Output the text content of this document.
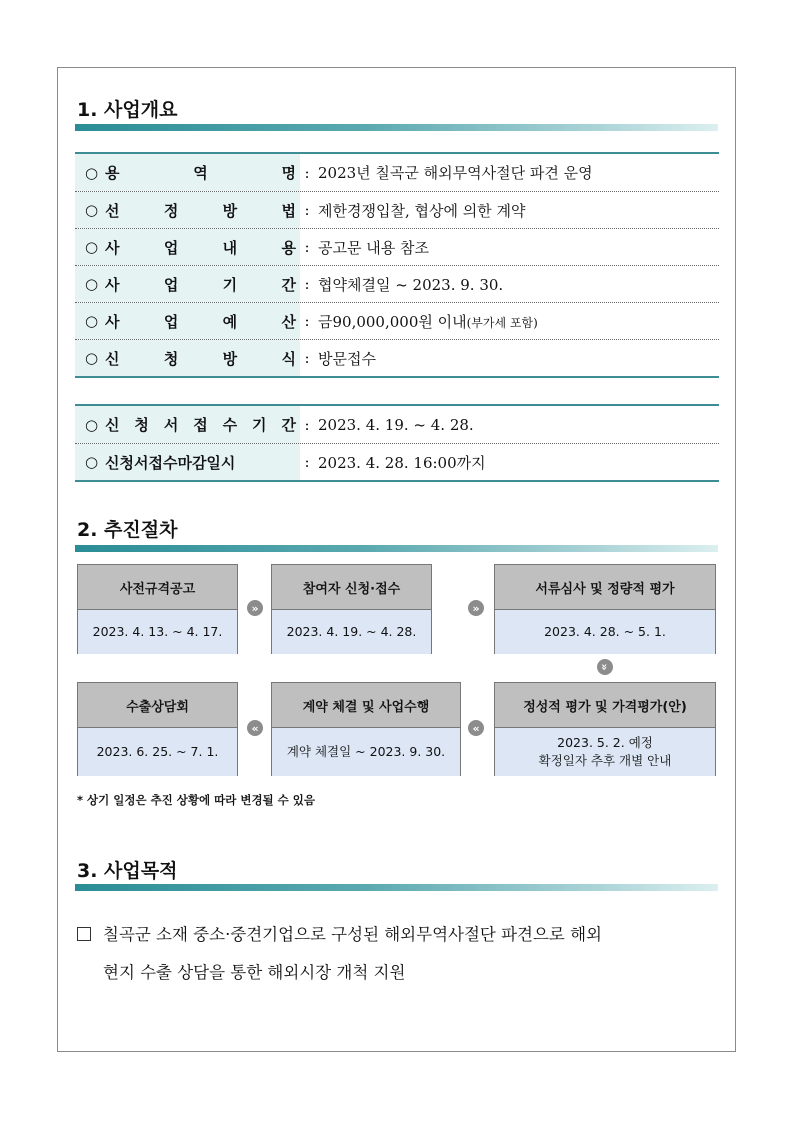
1. 사업개요
○ 용	역	명 : 2023년 칠곡군 해외무역사절단 파견 운영
○ 선	정	방	법 : 제한경쟁입찰, 협상에 의한 계약
○ 사	업	내	용 : 공고문 내용 참조
○ 사	업	기	간 : 협약체결일 ~ 2023. 9. 30.
○ 사	업	예	산 : 금90,000,000원 이내(부가세 포함)
○ 신	청	방	식 : 방문접수
○ 신 청 서 접 수 기 간 : 2023. 4. 19. ~ 4. 28.
○ 신청서접수마감일시	: 2023. 4. 28. 16:00까지
2. 추진절차
사전규격공고
2023. 4. 13. ~ 4. 17.
참여자 신청·접수
2023. 4. 19. ~ 4. 28.
서류심사 및 정량적 평가
2023. 4. 28. ~ 5. 1.
정성적 평가 및 가격평가(안)
2023. 5. 2. 예정
확정일자 추후 개별 안내
계약 체결 및 사업수행
계약 체결일 ~ 2023. 9. 30.
수출상담회
2023. 6. 25. ~ 7. 1.
»	»
»
«
«
* 상기 일정은 추진 상황에 따라 변경될 수 있음
3. 사업목적
칠곡군 소재 중소·중견기업으로 구성된 해외무역사절단 파견으로 해외
현지 수출 상담을 통한 해외시장 개척 지원
